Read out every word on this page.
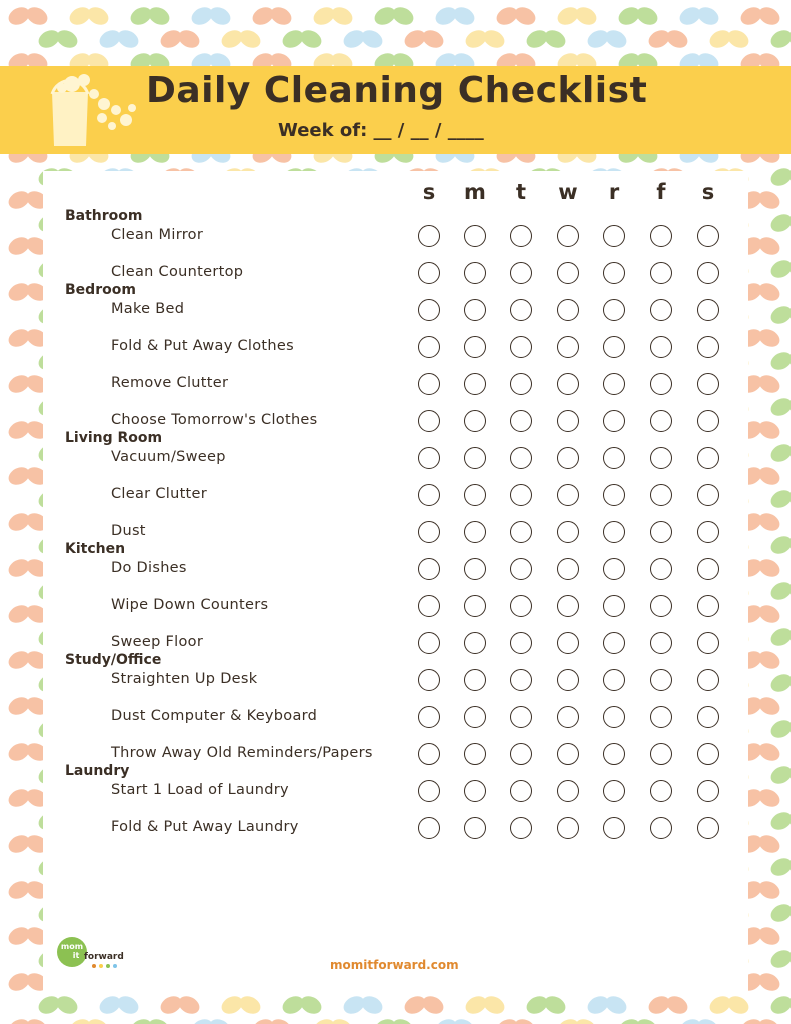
Daily Cleaning Checklist
Week of: __ / __ / ____
s	m	t	w	r	f	s
Bathroom
Clean Mirror
Clean Countertop
Bedroom
Make Bed
Fold & Put Away Clothes
Remove Clutter
Choose Tomorrow's Clothes
Living Room
Vacuum/Sweep
Clear Clutter
Dust
Kitchen
Do Dishes
Wipe Down Counters
Sweep Floor
Study/Office
Straighten Up Desk
Dust Computer & Keyboard
Throw Away Old Reminders/Papers
Laundry
Start 1 Load of Laundry
Fold & Put Away Laundry
mom
it forward
momitforward.com
